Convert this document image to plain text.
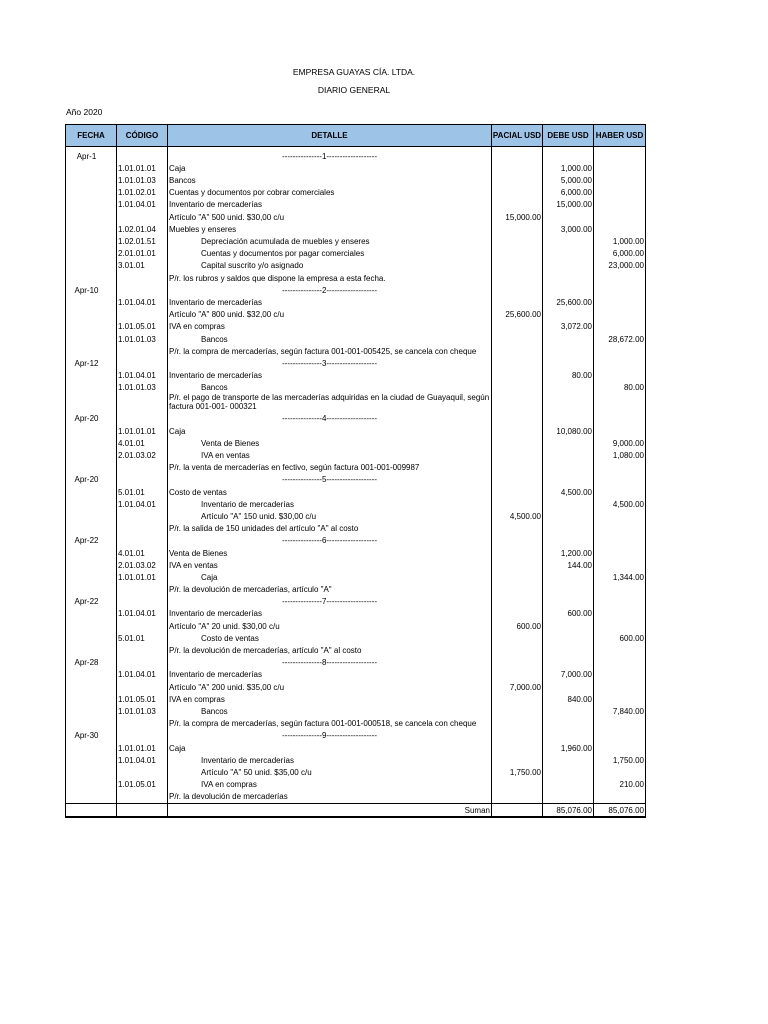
EMPRESA GUAYAS CÍA. LTDA.
DIARIO GENERAL
Año 2020
FECHA	CÓDIGO	DETALLE	PACIAL USD	DEBE USD	HABER USD
Apr-1		---------------1-------------------			
	1.01.01.01	Caja		1,000.00	
	1.01.01.03	Bancos		5,000.00	
	1.01.02.01	Cuentas y documentos por cobrar comerciales		6,000.00	
	1.01.04.01	Inventario de mercaderías		15,000.00	
		Artículo "A" 500 unid. $30,00 c/u	15,000.00		
	1.02.01.04	Muebles y enseres		3,000.00	
	1.02.01.51	Depreciación acumulada de muebles y enseres			1,000.00
	2.01.01.01	Cuentas y documentos por pagar comerciales			6,000.00
	3.01.01	Capital suscrito y/o asignado			23,000.00
		P/r. los rubros y saldos que dispone la empresa a esta fecha.			
Apr-10		---------------2-------------------			
	1.01.04.01	Inventario de mercaderías		25,600.00	
		Artículo "A" 800 unid. $32,00 c/u	25,600.00		
	1.01.05.01	IVA en compras		3,072.00	
	1.01.01.03	Bancos			28,672.00
		P/r. la compra de mercaderías, según factura 001-001-005425, se cancela con cheque			
Apr-12		---------------3-------------------			
	1.01.04.01	Inventario de mercaderías		80.00	
	1.01.01.03	Bancos			80.00
		P/r. el pago de transporte de las mercaderías adquiridas en la ciudad de Guayaquil, según factura 001-001- 000321			
Apr-20		---------------4-------------------			
	1.01.01.01	Caja		10,080.00	
	4.01.01	Venta de Bienes			9,000.00
	2.01.03.02	IVA en ventas			1,080.00
		P/r. la venta de mercaderías en fectivo, según factura 001-001-009987			
Apr-20		---------------5-------------------			
	5.01.01	Costo de ventas		4,500.00	
	1.01.04.01	Inventario de mercaderías			4,500.00
		Artículo "A" 150 unid. $30,00 c/u	4,500.00		
		P/r. la salida de 150 unidades del artículo "A" al costo			
Apr-22		---------------6-------------------			
	4.01.01	Venta de Bienes		1,200.00	
	2.01.03.02	IVA en ventas		144.00	
	1.01.01.01	Caja			1,344.00
		P/r. la devolución de mercaderías, artículo "A"			
Apr-22		---------------7-------------------			
	1.01.04.01	Inventario de mercaderías		600.00	
		Artículo "A" 20 unid. $30,00 c/u	600.00		
	5.01.01	Costo de ventas			600.00
		P/r. la devolución de mercaderías, artículo "A" al costo			
Apr-28		---------------8-------------------			
	1.01.04.01	Inventario de mercaderías		7,000.00	
		Artículo "A" 200 unid. $35,00 c/u	7,000.00		
	1.01.05.01	IVA en compras		840.00	
	1.01.01.03	Bancos			7,840.00
		P/r. la compra de mercaderías, según factura 001-001-000518, se cancela con cheque			
Apr-30		---------------9-------------------			
	1.01.01.01	Caja		1,960.00	
	1.01.04.01	Inventario de mercaderías			1,750.00
		Artículo "A" 50 unid. $35,00 c/u	1,750.00		
	1.01.05.01	IVA en compras			210.00
		P/r. la devolución de mercaderías			
		Suman		85,076.00	85,076.00
